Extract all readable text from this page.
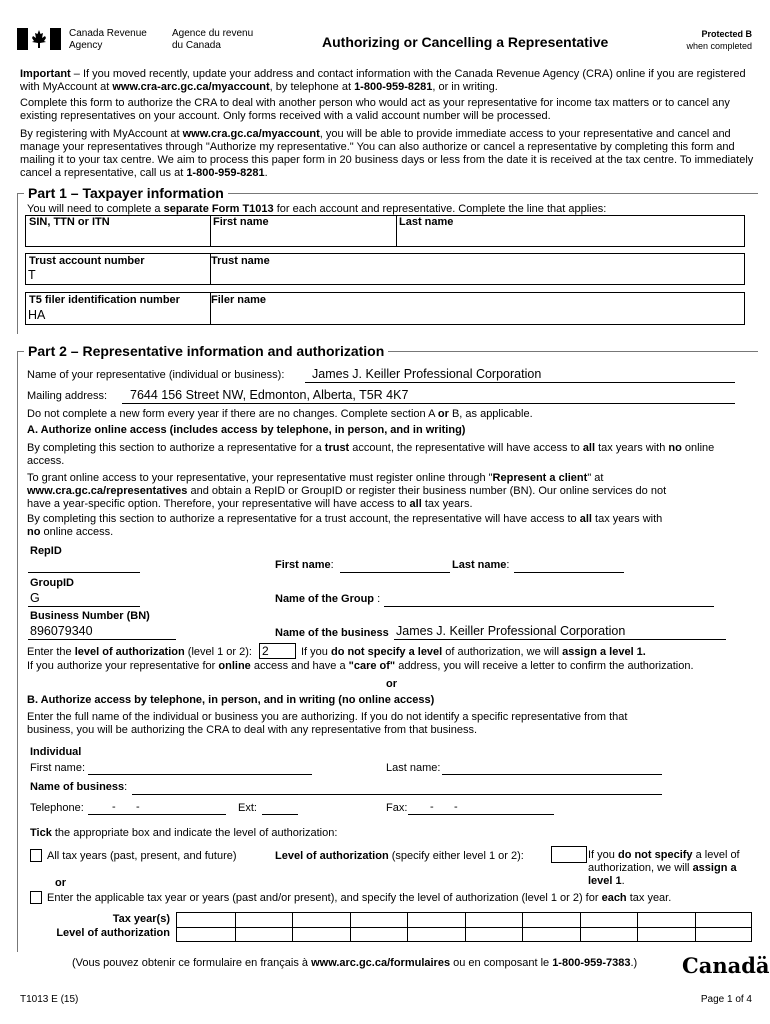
Canada Revenue Agency
Agence du revenu du Canada	Authorizing or Cancelling a Representative	Protected B
when completed
Important – If you moved recently, update your address and contact information with the Canada Revenue Agency (CRA) online if you are registered with MyAccount at www.cra-arc.gc.ca/myaccount, by telephone at 1-800-959-8281, or in writing.
Complete this form to authorize the CRA to deal with another person who would act as your representative for income tax matters or to cancel any existing representatives on your account. Only forms received with a valid account number will be processed.
By registering with MyAccount at www.cra.gc.ca/myaccount, you will be able to provide immediate access to your representative and cancel and manage your representatives through "Authorize my representative." You can also authorize or cancel a representative by completing this form and mailing it to your tax centre. We aim to process this paper form in 20 business days or less from the date it is received at the tax centre. To immediately cancel a representative, call us at 1-800-959-8281.
Part 1 – Taxpayer information
You will need to complete a separate Form T1013 for each account and representative. Complete the line that applies:
SIN, TTN or ITN	First name	Last name
Trust account number	Trust name
T
T5 filer identification number	Filer name
HA
Part 2 – Representative information and authorization
Name of your representative (individual or business): James J. Keiller Professional Corporation
Mailing address: 7644 156 Street NW, Edmonton, Alberta, T5R 4K7
Do not complete a new form every year if there are no changes. Complete section A or B, as applicable.
A. Authorize online access (includes access by telephone, in person, and in writing)
By completing this section to authorize a representative for a trust account, the representative will have access to all tax years with no online access.
To grant online access to your representative, your representative must register online through "Represent a client" at www.cra.gc.ca/representatives and obtain a RepID or GroupID or register their business number (BN). Our online services do not have a year-specific option. Therefore, your representative will have access to all tax years.
By completing this section to authorize a representative for a trust account, the representative will have access to all tax years with no online access.
RepID
First name:	Last name:
GroupID
G	Name of the Group :
Business Number (BN)
896079340	Name of the business James J. Keiller Professional Corporation
Enter the level of authorization (level 1 or 2): 2	If you do not specify a level of authorization, we will assign a level 1.
If you authorize your representative for online access and have a "care of" address, you will receive a letter to confirm the authorization.
or
B. Authorize access by telephone, in person, and in writing (no online access)
Enter the full name of the individual or business you are authorizing. If you do not identify a specific representative from that business, you will be authorizing the CRA to deal with any representative from that business.
Individual
First name:	Last name:
Name of business:
Telephone:	- -	Ext:	Fax: - -
Tick the appropriate box and indicate the level of authorization:
All tax years (past, present, and future)	Level of authorization (specify either level 1 or 2):	If you do not specify a level of authorization, we will assign a level 1.
or
Enter the applicable tax year or years (past and/or present), and specify the level of authorization (level 1 or 2) for each tax year.
Tax year(s)
Level of authorization
(Vous pouvez obtenir ce formulaire en français à www.arc.gc.ca/formulaires ou en composant le 1-800-959-7383.) Canadä
T1013 E (15)	Page 1 of 4
